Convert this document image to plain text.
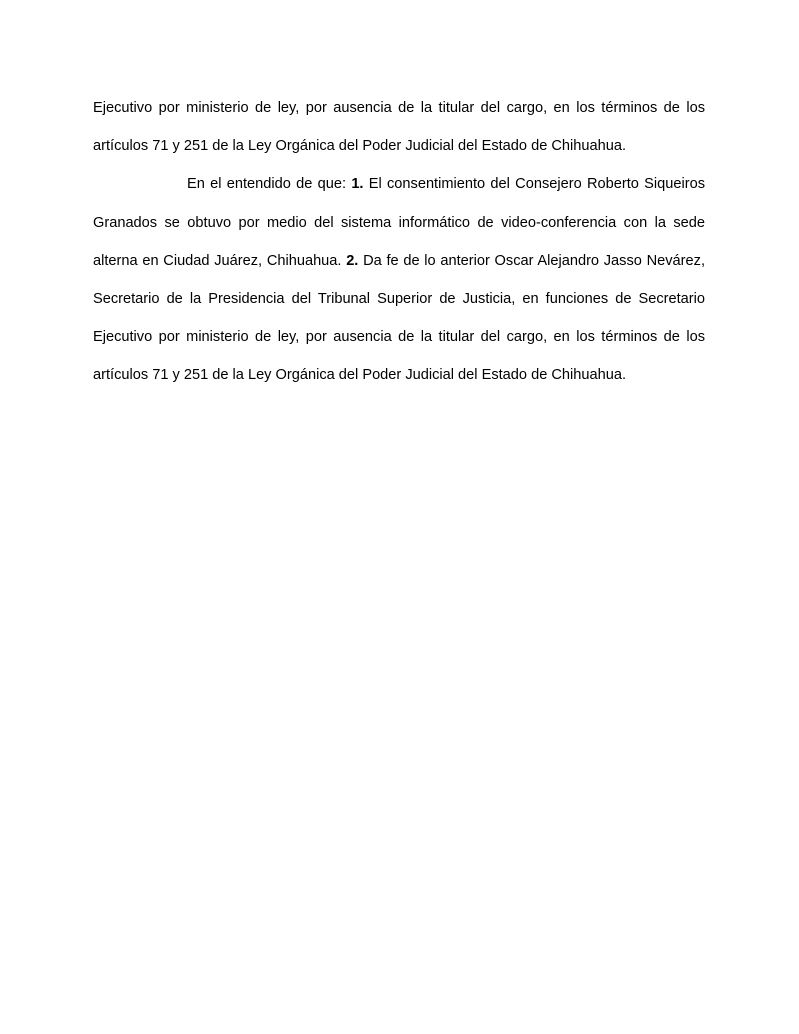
Ejecutivo por ministerio de ley, por ausencia de la titular del cargo, en los términos de los artículos 71 y 251 de la Ley Orgánica del Poder Judicial del Estado de Chihuahua.

En el entendido de que: 1. El consentimiento del Consejero Roberto Siqueiros Granados se obtuvo por medio del sistema informático de video-conferencia con la sede alterna en Ciudad Juárez, Chihuahua. 2. Da fe de lo anterior Oscar Alejandro Jasso Nevárez, Secretario de la Presidencia del Tribunal Superior de Justicia, en funciones de Secretario Ejecutivo por ministerio de ley, por ausencia de la titular del cargo, en los términos de los artículos 71 y 251 de la Ley Orgánica del Poder Judicial del Estado de Chihuahua.
